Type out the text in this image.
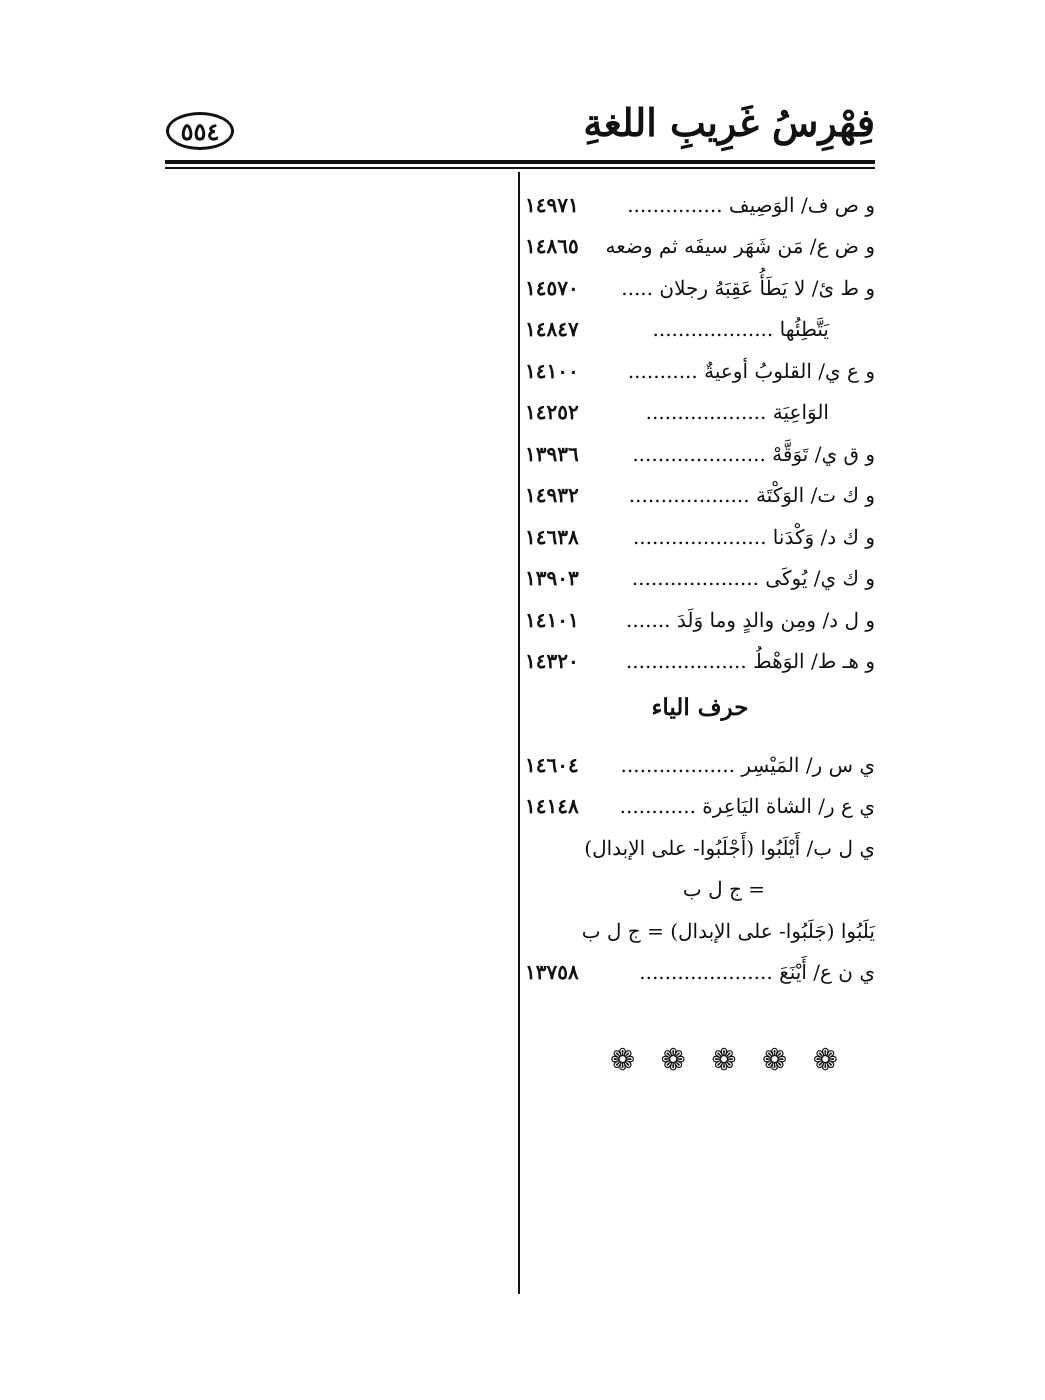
فِهْرِسُ غَرِيبِ اللغةِ
٥٥٤
و ص ف/ الوَصِيف ...............
١٤٩٧١
و ض ع/ مَن شَهَر سيفَه ثم وضعه
١٤٨٦٥
و ط ئ/ لا يَطَأُ عَقِبَهُ رجلان .....
١٤٥٧٠
يَتَّطِئُها ...................
١٤٨٤٧
و ع ي/ القلوبُ أوعيةٌ ...........
١٤١٠٠
الوَاعِيَة ...................
١٤٢٥٢
و ق ي/ تَوَقَّهْ .....................
١٣٩٣٦
و ك ت/ الوَكْتَة ...................
١٤٩٣٢
و ك د/ وَكْدَنا .....................
١٤٦٣٨
و ك ي/ يُوكَى ....................
١٣٩٠٣
و ل د/ ومِن والدٍ وما وَلَدَ .......
١٤١٠١
و هـ ط/ الوَهْطُ ...................
١٤٣٢٠
حرف الياء
ي س ر/ المَيْسِر ..................
١٤٦٠٤
ي ع ر/ الشاة اليَاعِرة ............
١٤١٤٨
ي ل ب/ أَيْلَبُوا (أَجْلَبُوا- على الإبدال)
= ج ل ب
يَلَبُوا (جَلَبُوا- على الإبدال) = ج ل ب
ي ن ع/ أَيْنَعَ .....................
١٣٧٥٨
❁ ❁ ❁ ❁ ❁
